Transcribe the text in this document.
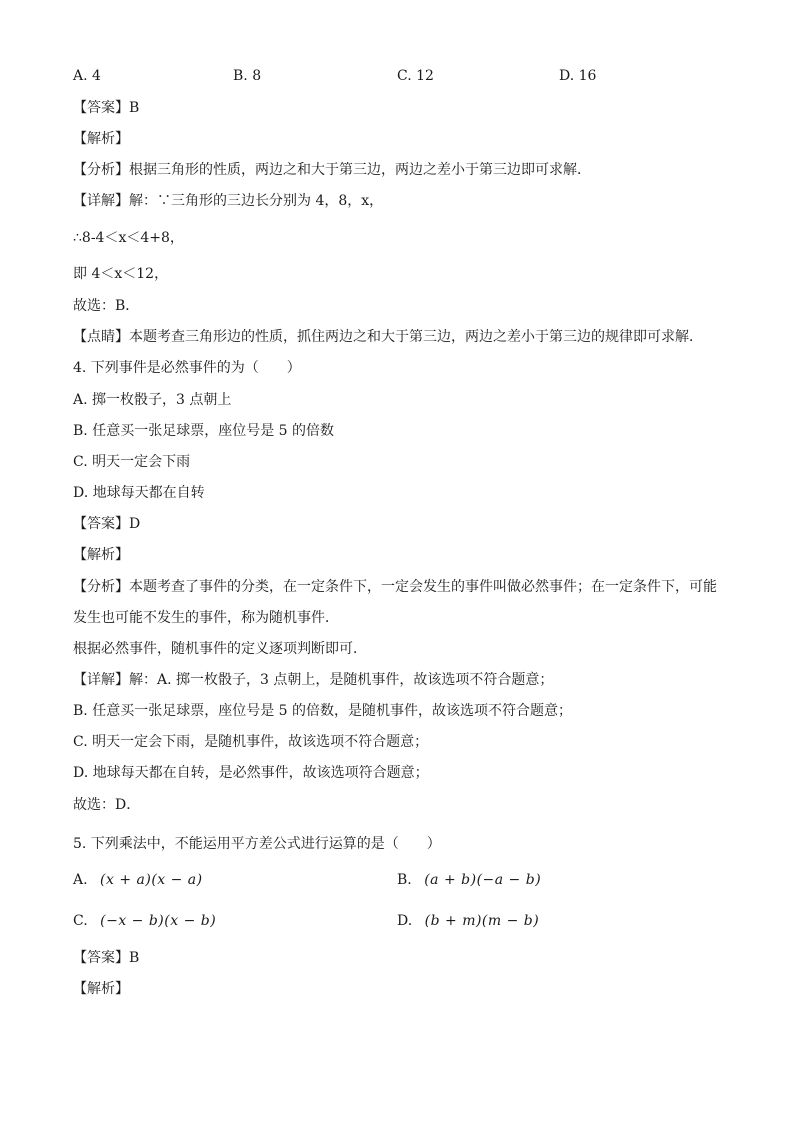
A. 4	B. 8	C. 12	D. 16
【答案】B
【解析】
【分析】根据三角形的性质，两边之和大于第三边，两边之差小于第三边即可求解．
【详解】解：∵三角形的三边长分别为 4，8，x，
∴8-4＜x＜4+8，
即 4＜x＜12，
故选：B．
【点睛】本题考查三角形边的性质，抓住两边之和大于第三边，两边之差小于第三边的规律即可求解．
4. 下列事件是必然事件的为（　　）
A. 掷一枚骰子，3 点朝上
B. 任意买一张足球票，座位号是 5 的倍数
C. 明天一定会下雨
D. 地球每天都在自转
【答案】D
【解析】
【分析】本题考查了事件的分类，在一定条件下，一定会发生的事件叫做必然事件；在一定条件下，可能
发生也可能不发生的事件，称为随机事件．
根据必然事件，随机事件的定义逐项判断即可．
【详解】解：A. 掷一枚骰子，3 点朝上，是随机事件，故该选项不符合题意；
B. 任意买一张足球票，座位号是 5 的倍数，是随机事件，故该选项不符合题意；
C. 明天一定会下雨，是随机事件，故该选项不符合题意；
D. 地球每天都在自转，是必然事件，故该选项符合题意；
故选：D．
5. 下列乘法中，不能运用平方差公式进行运算的是（　　）
A. (x + a)(x − a)	B. (a + b)(−a − b)
C. (−x − b)(x − b)	D. (b + m)(m − b)
【答案】B
【解析】
